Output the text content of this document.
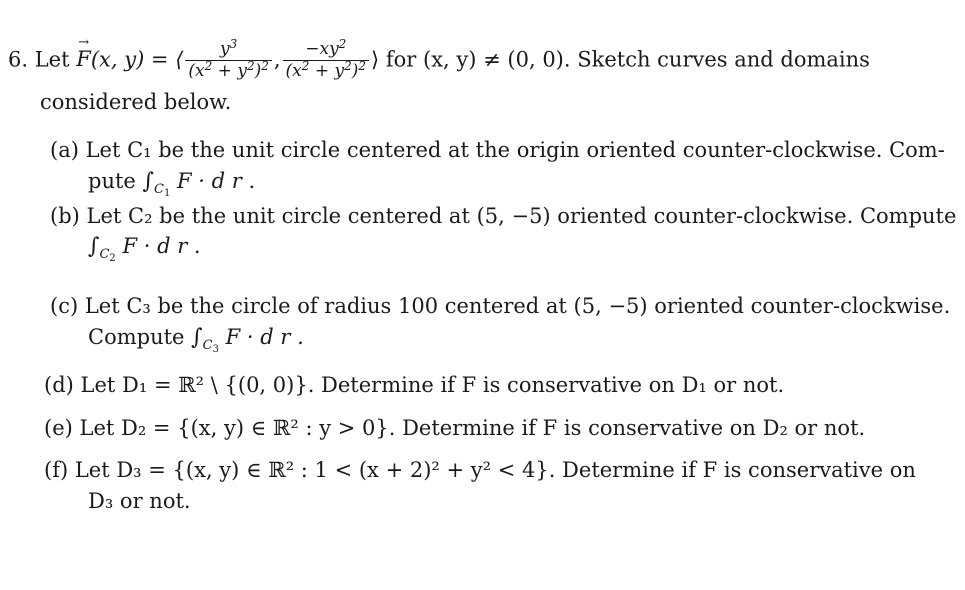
6. Let F →(x, y) = ⟨ $\frac{y^3}{(x^2 + y^2)^2}$ , $\frac{-xy^2}{(x^2 + y^2)^2}$ ⟩ for (x, y) ≠ (0, 0). Sketch curves and domains
considered below.
(a) Let C₁ be the unit circle centered at the origin oriented counter-clockwise. Com-
pute $\int_{C1}$ F · d r .
(b) Let C₂ be the unit circle centered at (5, −5) oriented counter-clockwise. Compute
$\int_{C2}$ F · d r .
(c) Let C₃ be the circle of radius 100 centered at (5, −5) oriented counter-clockwise.
Compute $\int_{C3}$ F · d r .
(d) Let D₁ = ℝ² \ {(0, 0)}. Determine if F is conservative on D₁ or not.
(e) Let D₂ = {(x, y) ∈ ℝ² : y > 0}. Determine if F is conservative on D₂ or not.
(f) Let D₃ = {(x, y) ∈ ℝ² : 1 < (x + 2)² + y² < 4}. Determine if F is conservative on
D₃ or not.
